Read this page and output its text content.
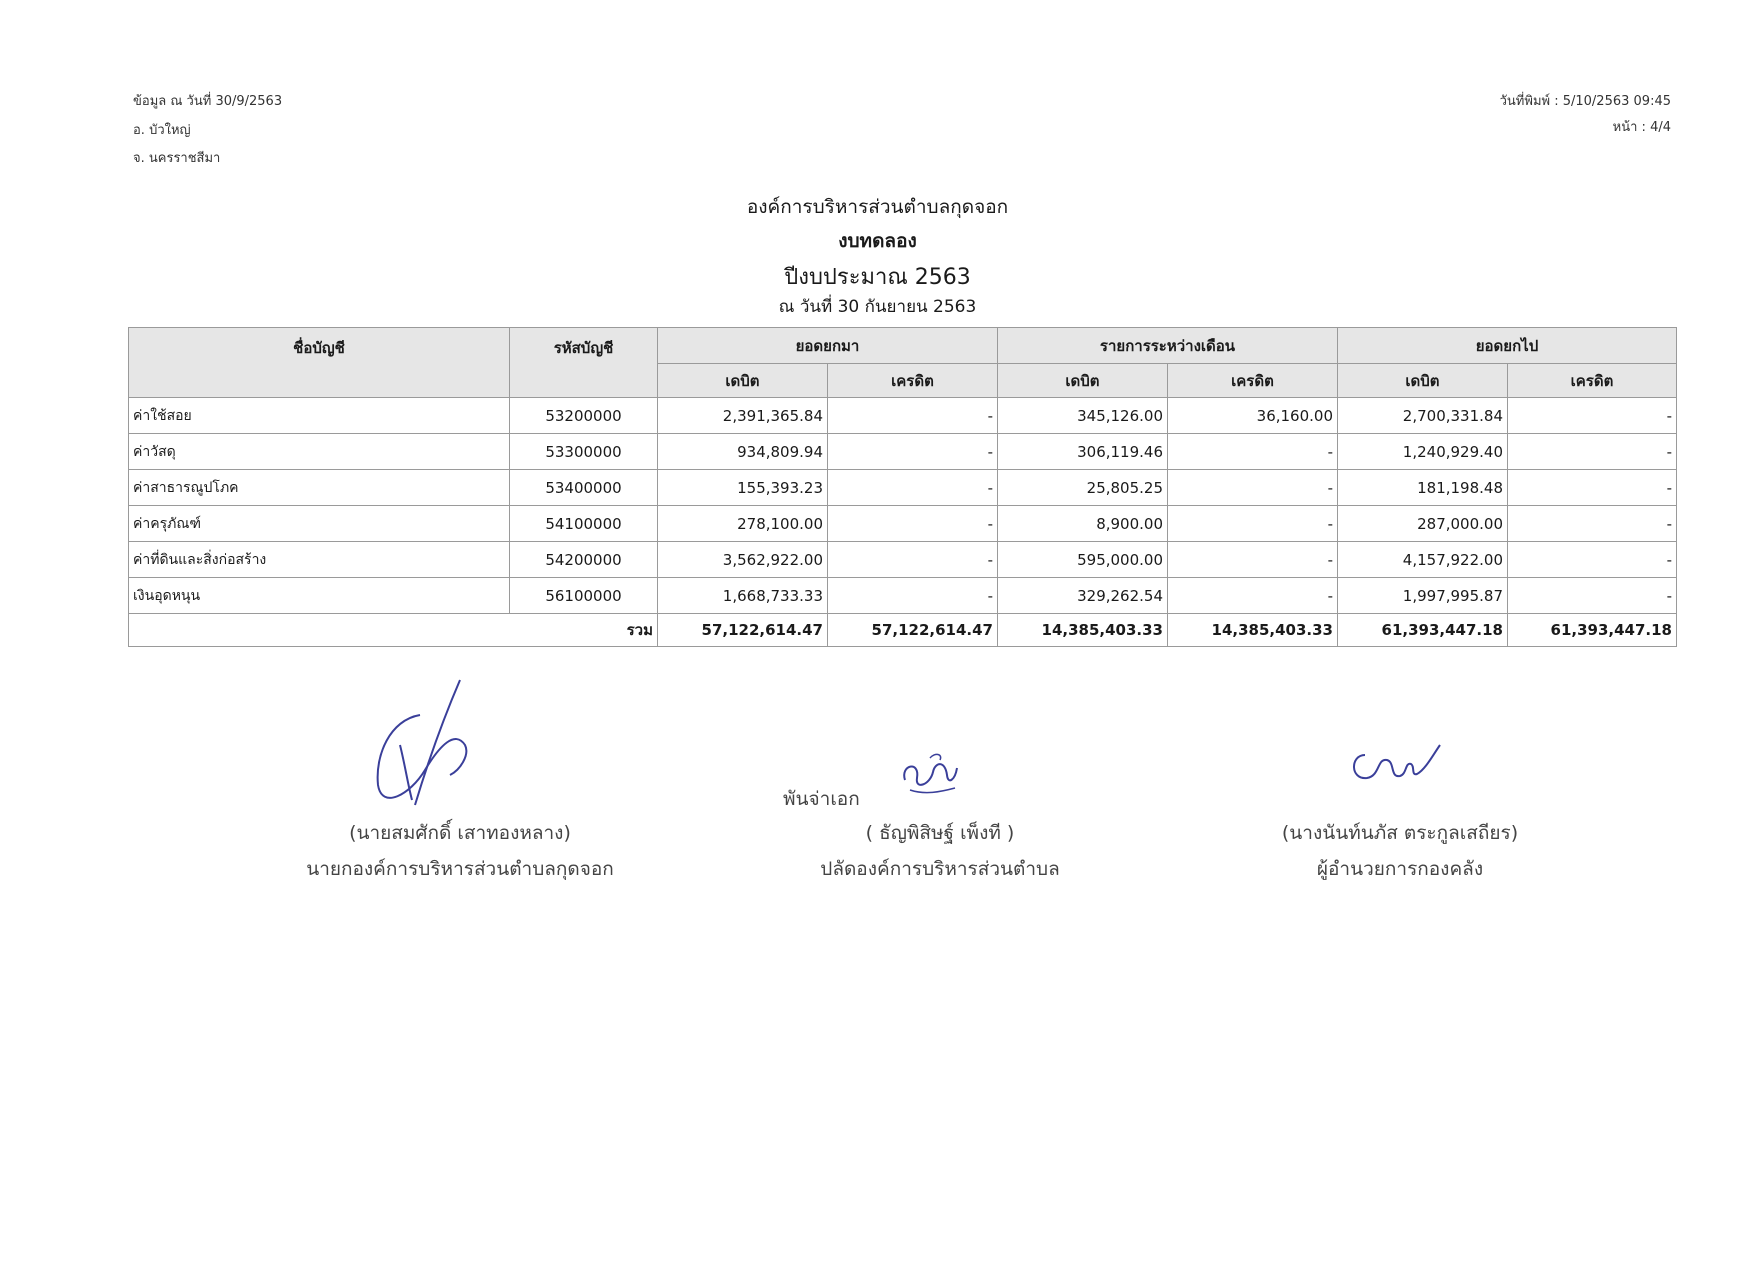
ข้อมูล ณ วันที่ 30/9/2563
อ. บัวใหญ่
จ. นครราชสีมา
วันที่พิมพ์ : 5/10/2563 09:45
หน้า : 4/4
องค์การบริหารส่วนตำบลกุดจอก
งบทดลอง
ปีงบประมาณ 2563
ณ วันที่ 30 กันยายน 2563
ชื่อบัญชี	รหัสบัญชี	ยอดยกมา		รายการระหว่างเดือน		ยอดยกไป	
		เดบิต	เครดิต	เดบิต	เครดิต	เดบิต	เครดิต
ค่าใช้สอย	53200000	2,391,365.84	-	345,126.00	36,160.00	2,700,331.84	-
ค่าวัสดุ	53300000	934,809.94	-	306,119.46	-	1,240,929.40	-
ค่าสาธารณูปโภค	53400000	155,393.23	-	25,805.25	-	181,198.48	-
ค่าครุภัณฑ์	54100000	278,100.00	-	8,900.00	-	287,000.00	-
ค่าที่ดินและสิ่งก่อสร้าง	54200000	3,562,922.00	-	595,000.00	-	4,157,922.00	-
เงินอุดหนุน	56100000	1,668,733.33	-	329,262.54	-	1,997,995.87	-
	รวม	57,122,614.47	57,122,614.47	14,385,403.33	14,385,403.33	61,393,447.18	61,393,447.18
พันจ่าเอก
(นายสมศักดิ์ เสาทองหลาง)
นายกองค์การบริหารส่วนตำบลกุดจอก
( ธัญพิสิษฐ์ เพ็งที )
ปลัดองค์การบริหารส่วนตำบล
(นางนันท์นภัส ตระกูลเสถียร)
ผู้อำนวยการกองคลัง
